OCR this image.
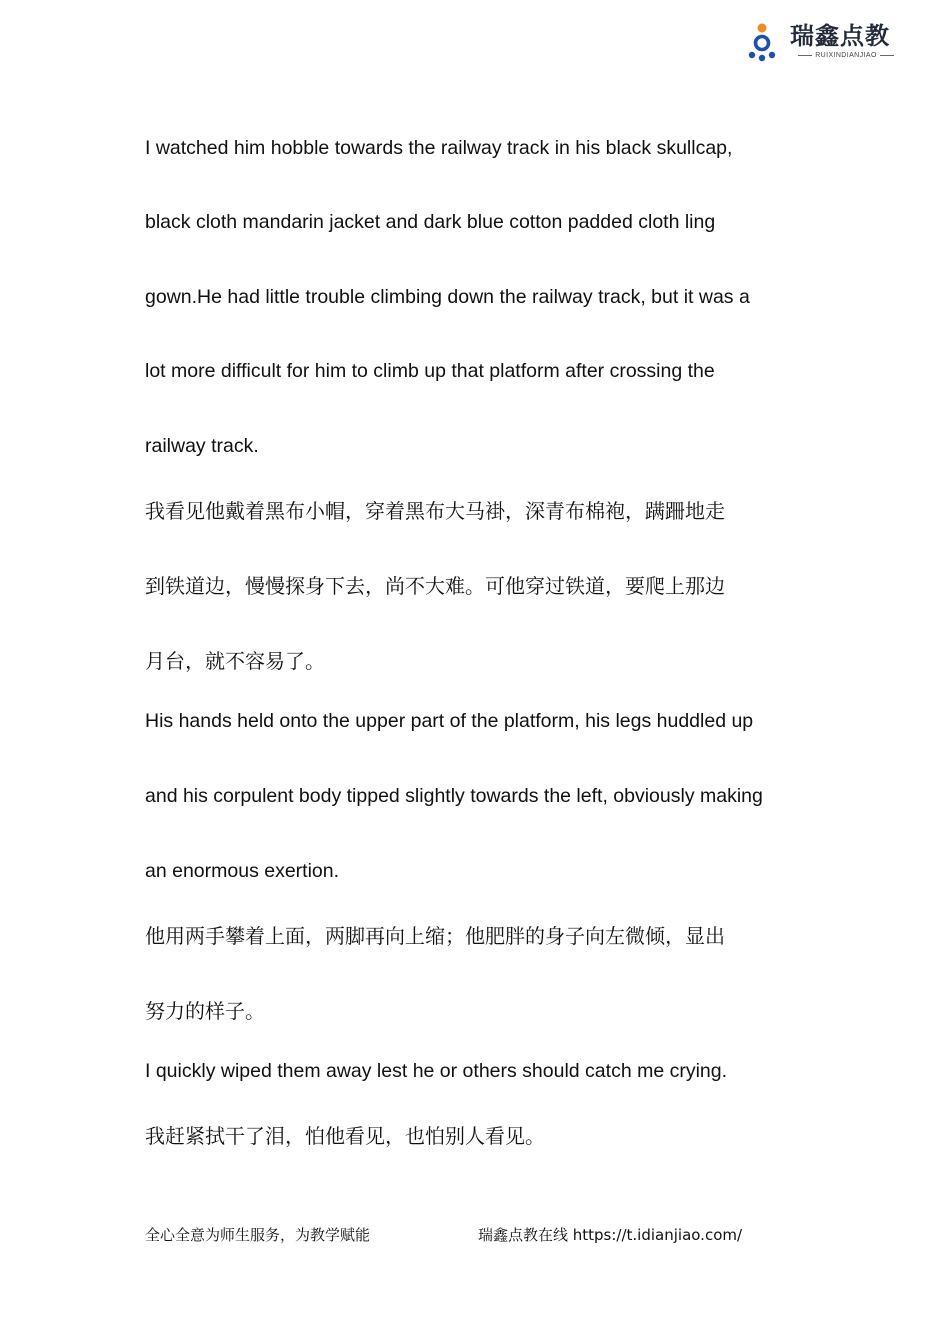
瑞鑫点教
RUIXINDIANJIAO
I watched him hobble towards the railway track in his black skullcap,
black cloth mandarin jacket and dark blue cotton padded cloth ling
gown.He had little trouble climbing down the railway track, but it was a
lot more difficult for him to climb up that platform after crossing the
railway track.
我看见他戴着黑布小帽，穿着黑布大马褂，深青布棉袍，蹒跚地走
到铁道边，慢慢探身下去，尚不大难。可他穿过铁道，要爬上那边
月台，就不容易了。
His hands held onto the upper part of the platform, his legs huddled up
and his corpulent body tipped slightly towards the left, obviously making
an enormous exertion.
他用两手攀着上面，两脚再向上缩；他肥胖的身子向左微倾，显出
努力的样子。
I quickly wiped them away lest he or others should catch me crying.
我赶紧拭干了泪，怕他看见，也怕别人看见。
全心全意为师生服务，为教学赋能	瑞鑫点教在线 https://t.idianjiao.com/
